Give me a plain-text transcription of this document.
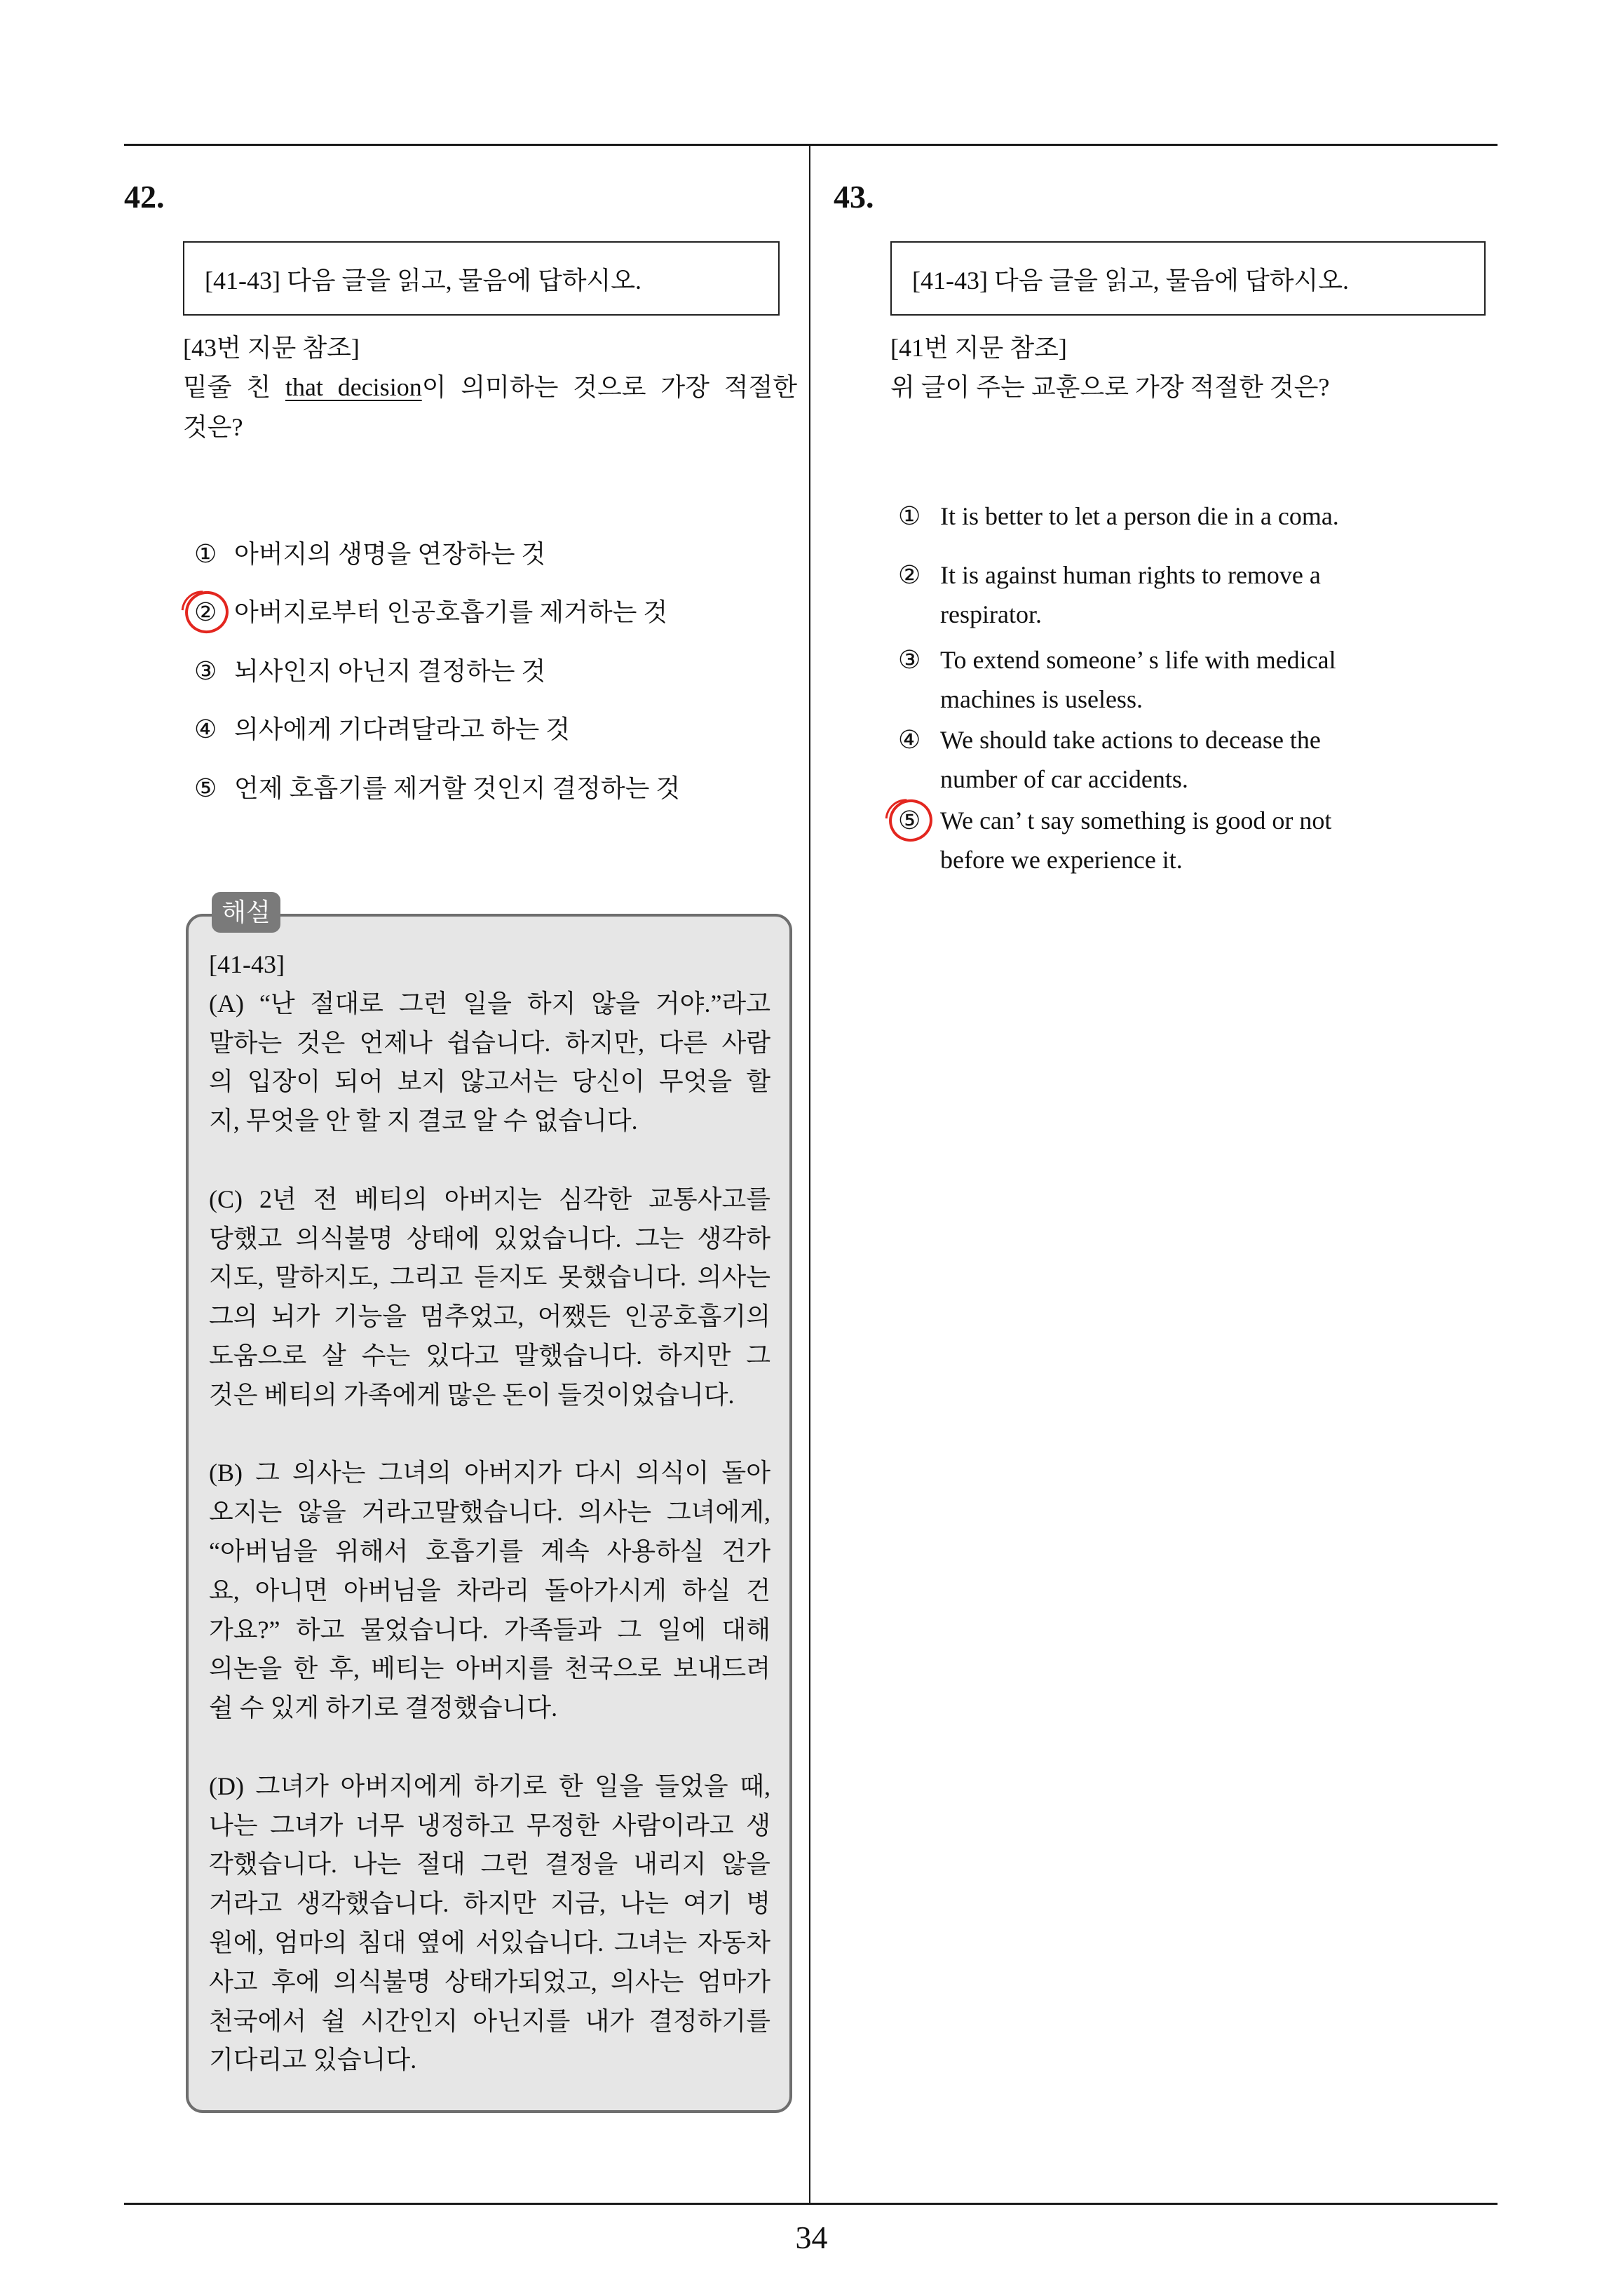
42.
[41-43] 다음 글을 읽고, 물음에 답하시오.
[43번 지문 참조]
밑줄 친 that decision이 의미하는 것으로 가장 적절한
것은?
① 아버지의 생명을 연장하는 것
② 아버지로부터 인공호흡기를 제거하는 것
③ 뇌사인지 아닌지 결정하는 것
④ 의사에게 기다려달라고 하는 것
⑤ 언제 호흡기를 제거할 것인지 결정하는 것
해설
[41-43]
(A) “난 절대로 그런 일을 하지 않을 거야.”라고
말하는 것은 언제나 쉽습니다. 하지만, 다른 사람
의 입장이 되어 보지 않고서는 당신이 무엇을 할
지, 무엇을 안 할 지 결코 알 수 없습니다.
(C) 2년 전 베티의 아버지는 심각한 교통사고를
당했고 의식불명 상태에 있었습니다. 그는 생각하
지도, 말하지도, 그리고 듣지도 못했습니다. 의사는
그의 뇌가 기능을 멈추었고, 어쨌든 인공호흡기의
도움으로 살 수는 있다고 말했습니다. 하지만 그
것은 베티의 가족에게 많은 돈이 들것이었습니다.
(B) 그 의사는 그녀의 아버지가 다시 의식이 돌아
오지는 않을 거라고말했습니다. 의사는 그녀에게,
“아버님을 위해서 호흡기를 계속 사용하실 건가
요, 아니면 아버님을 차라리 돌아가시게 하실 건
가요?” 하고 물었습니다. 가족들과 그 일에 대해
의논을 한 후, 베티는 아버지를 천국으로 보내드려
쉴 수 있게 하기로 결정했습니다.
(D) 그녀가 아버지에게 하기로 한 일을 들었을 때,
나는 그녀가 너무 냉정하고 무정한 사람이라고 생
각했습니다. 나는 절대 그런 결정을 내리지 않을
거라고 생각했습니다. 하지만 지금, 나는 여기 병
원에, 엄마의 침대 옆에 서있습니다. 그녀는 자동차
사고 후에 의식불명 상태가되었고, 의사는 엄마가
천국에서 쉴 시간인지 아닌지를 내가 결정하기를
기다리고 있습니다.
43.
[41-43] 다음 글을 읽고, 물음에 답하시오.
[41번 지문 참조]
위 글이 주는 교훈으로 가장 적절한 것은?
① It is better to let a person die in a coma.
② It is against human rights to remove a
respirator.
③ To extend someone’ s life with medical
machines is useless.
④ We should take actions to decease the
number of car accidents.
⑤ We can’ t say something is good or not
before we experience it.
34
